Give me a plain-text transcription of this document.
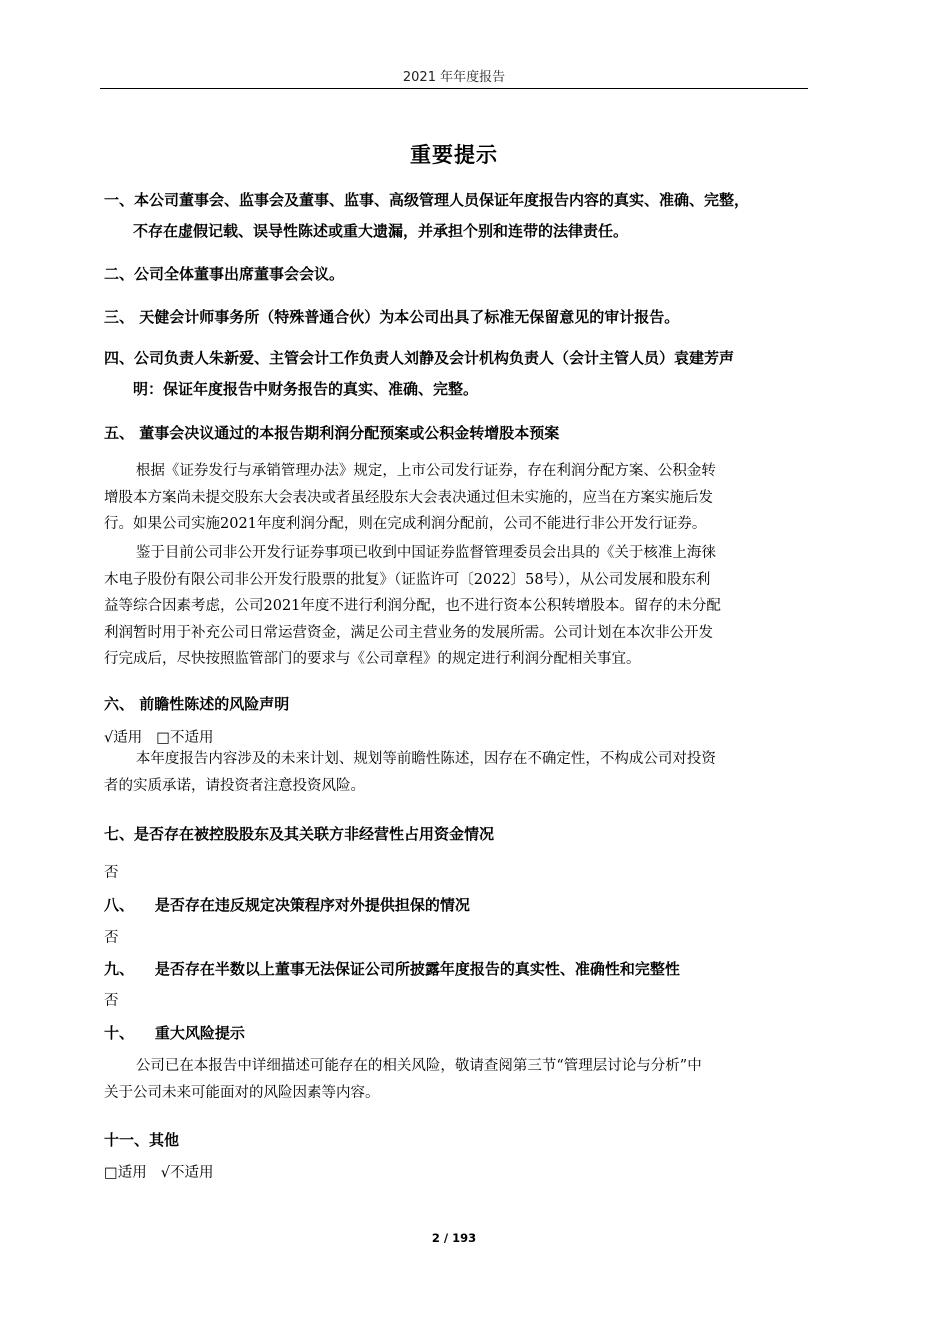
2021 年年度报告
重要提示
一、本公司董事会、监事会及董事、监事、高级管理人员保证年度报告内容的真实、准确、完整，
不存在虚假记载、误导性陈述或重大遗漏，并承担个别和连带的法律责任。
二、公司全体董事出席董事会会议。
三、 天健会计师事务所（特殊普通合伙）为本公司出具了标准无保留意见的审计报告。
四、公司负责人朱新爱、主管会计工作负责人刘静及会计机构负责人（会计主管人员）袁建芳声
明：保证年度报告中财务报告的真实、准确、完整。
五、 董事会决议通过的本报告期利润分配预案或公积金转增股本预案
根据《证券发行与承销管理办法》规定，上市公司发行证券，存在利润分配方案、公积金转
增股本方案尚未提交股东大会表决或者虽经股东大会表决通过但未实施的，应当在方案实施后发
行。如果公司实施2021年度利润分配，则在完成利润分配前，公司不能进行非公开发行证券。
鉴于目前公司非公开发行证券事项已收到中国证券监督管理委员会出具的《关于核准上海徕
木电子股份有限公司非公开发行股票的批复》（证监许可〔2022〕58号），从公司发展和股东利
益等综合因素考虑，公司2021年度不进行利润分配，也不进行资本公积转增股本。留存的未分配
利润暂时用于补充公司日常运营资金，满足公司主营业务的发展所需。公司计划在本次非公开发
行完成后，尽快按照监管部门的要求与《公司章程》的规定进行利润分配相关事宜。
六、 前瞻性陈述的风险声明
√适用 □不适用
本年度报告内容涉及的未来计划、规划等前瞻性陈述，因存在不确定性，不构成公司对投资
者的实质承诺，请投资者注意投资风险。
七、是否存在被控股股东及其关联方非经营性占用资金情况
否
八、    是否存在违反规定决策程序对外提供担保的情况
否
九、    是否存在半数以上董事无法保证公司所披露年度报告的真实性、准确性和完整性
否
十、    重大风险提示
公司已在本报告中详细描述可能存在的相关风险，敬请查阅第三节“管理层讨论与分析”中
关于公司未来可能面对的风险因素等内容。
十一、其他
□适用 √不适用
2 / 193
